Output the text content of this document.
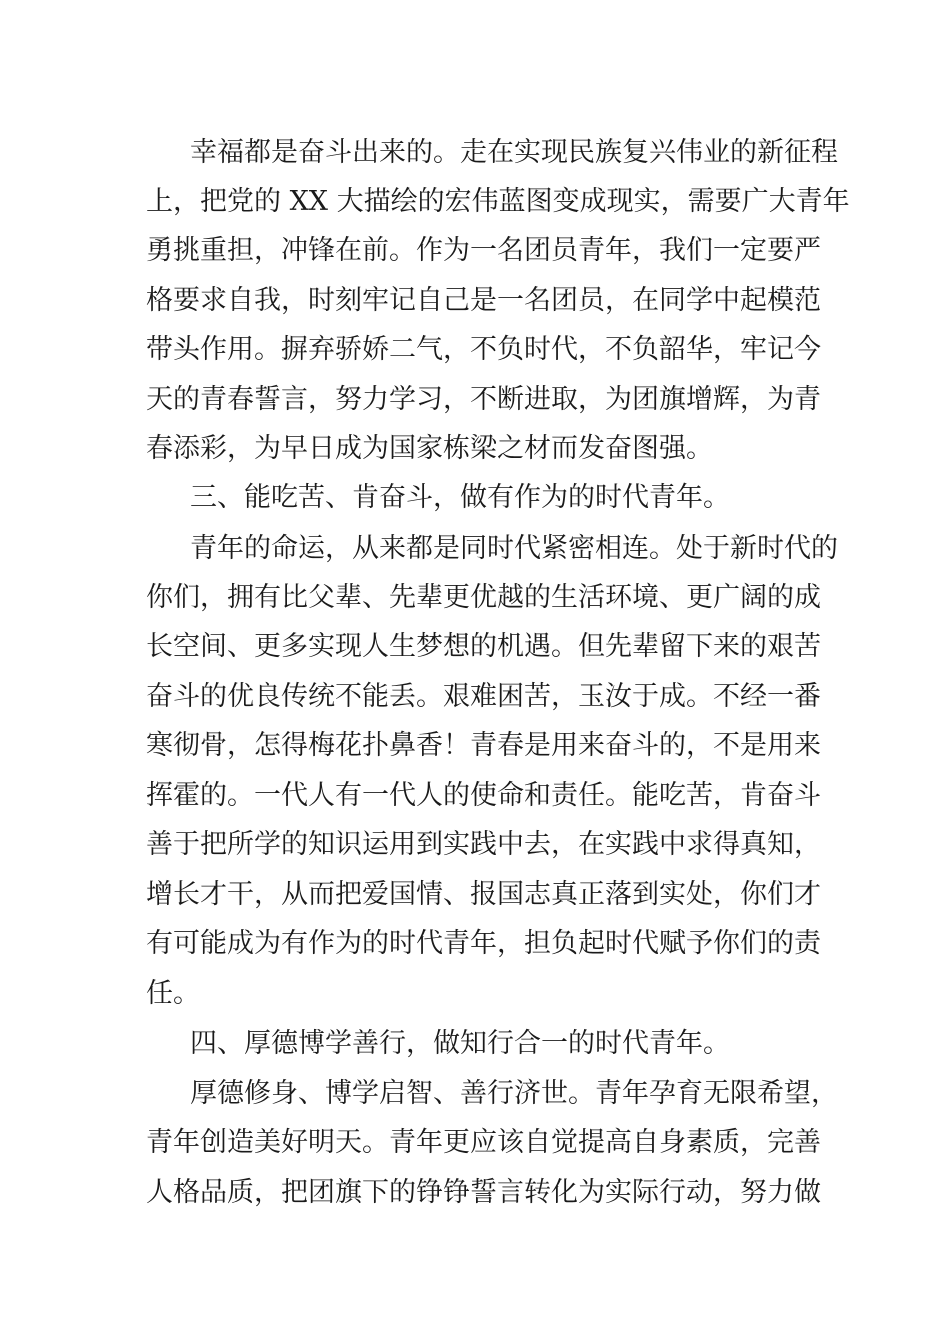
幸福都是奋斗出来的。走在实现民族复兴伟业的新征程
上，把党的 XX 大描绘的宏伟蓝图变成现实，需要广大青年
勇挑重担，冲锋在前。作为一名团员青年，我们一定要严
格要求自我，时刻牢记自己是一名团员，在同学中起模范
带头作用。摒弃骄娇二气，不负时代，不负韶华，牢记今
天的青春誓言，努力学习，不断进取，为团旗增辉，为青
春添彩，为早日成为国家栋梁之材而发奋图强。
三、能吃苦、肯奋斗，做有作为的时代青年。
青年的命运，从来都是同时代紧密相连。处于新时代的
你们，拥有比父辈、先辈更优越的生活环境、更广阔的成
长空间、更多实现人生梦想的机遇。但先辈留下来的艰苦
奋斗的优良传统不能丢。艰难困苦，玉汝于成。不经一番
寒彻骨，怎得梅花扑鼻香！青春是用来奋斗的，不是用来
挥霍的。一代人有一代人的使命和责任。能吃苦，肯奋斗
善于把所学的知识运用到实践中去，在实践中求得真知，
增长才干，从而把爱国情、报国志真正落到实处，你们才
有可能成为有作为的时代青年，担负起时代赋予你们的责
任。
四、厚德博学善行，做知行合一的时代青年。
厚德修身、博学启智、善行济世。青年孕育无限希望，
青年创造美好明天。青年更应该自觉提高自身素质，完善
人格品质，把团旗下的铮铮誓言转化为实际行动，努力做
